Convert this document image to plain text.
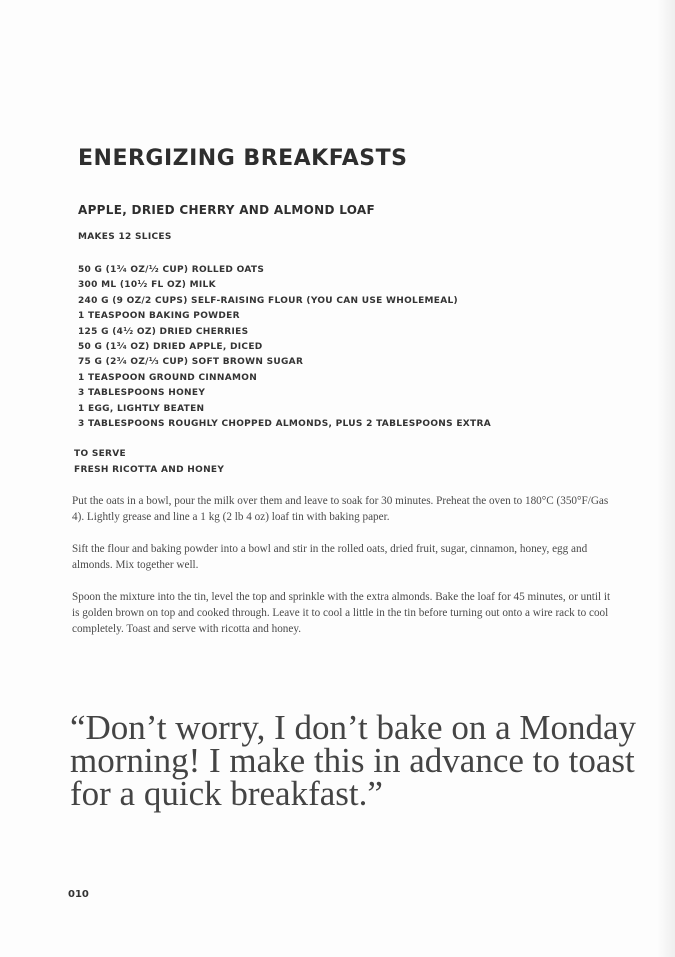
ENERGIZING BREAKFASTS
APPLE, DRIED CHERRY AND ALMOND LOAF
MAKES 12 SLICES
50 G (1³⁄₄ OZ/¹⁄₂ CUP) ROLLED OATS
300 ML (10¹⁄₂ FL OZ) MILK
240 G (9 OZ/2 CUPS) SELF-RAISING FLOUR (YOU CAN USE WHOLEMEAL)
1 TEASPOON BAKING POWDER
125 G (4¹⁄₂ OZ) DRIED CHERRIES
50 G (1³⁄₄ OZ) DRIED APPLE, DICED
75 G (2³⁄₄ OZ/¹⁄₃ CUP) SOFT BROWN SUGAR
1 TEASPOON GROUND CINNAMON
3 TABLESPOONS HONEY
1 EGG, LIGHTLY BEATEN
3 TABLESPOONS ROUGHLY CHOPPED ALMONDS, PLUS 2 TABLESPOONS EXTRA
TO SERVE
FRESH RICOTTA AND HONEY

Put the oats in a bowl, pour the milk over them and leave to soak for 30 minutes. Preheat the oven to 180°C (350°F/Gas 4). Lightly grease and line a 1 kg (2 lb 4 oz) loaf tin with baking paper.

Sift the flour and baking powder into a bowl and stir in the rolled oats, dried fruit, sugar, cinnamon, honey, egg and almonds. Mix together well.

Spoon the mixture into the tin, level the top and sprinkle with the extra almonds. Bake the loaf for 45 minutes, or until it is golden brown on top and cooked through. Leave it to cool a little in the tin before turning out onto a wire rack to cool completely. Toast and serve with ricotta and honey.

“Don’t worry, I don’t bake on a Monday morning! I make this in advance to toast for a quick breakfast.”
010
